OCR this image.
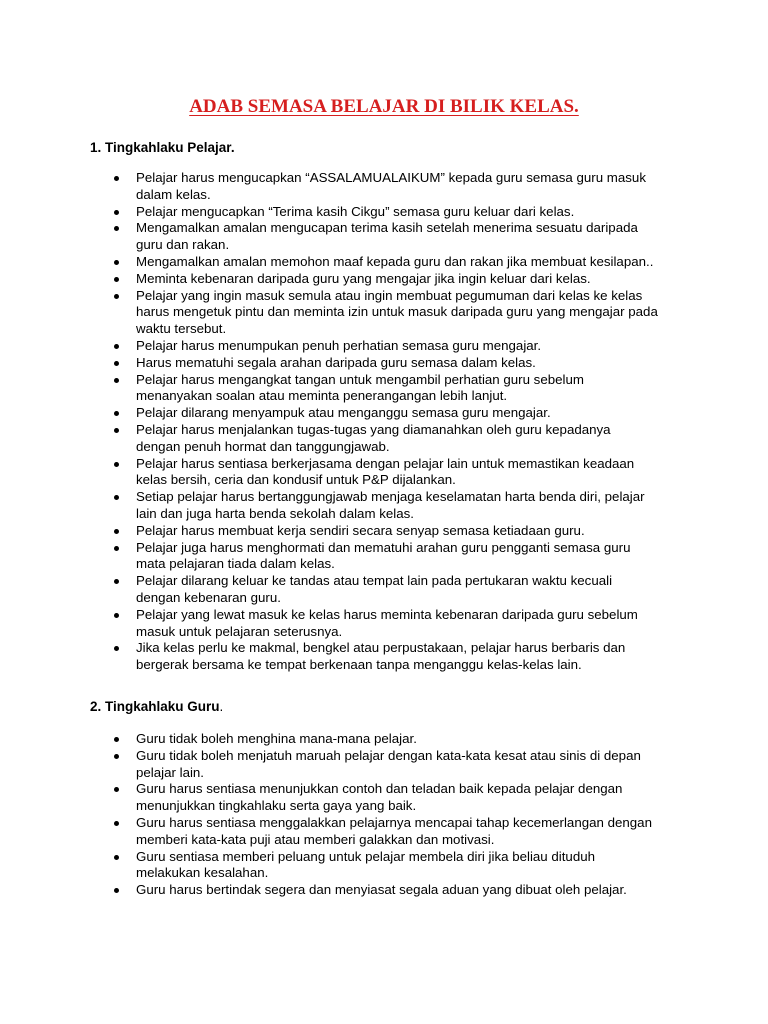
ADAB SEMASA BELAJAR DI BILIK KELAS.

1. Tingkahlaku Pelajar.

Pelajar harus mengucapkan “ASSALAMUALAIKUM” kepada guru semasa guru masuk
dalam kelas.
Pelajar mengucapkan “Terima kasih Cikgu” semasa guru keluar dari kelas.
Mengamalkan amalan mengucapan terima kasih setelah menerima sesuatu daripada
guru dan rakan.
Mengamalkan amalan memohon maaf kepada guru dan rakan jika membuat kesilapan..
Meminta kebenaran daripada guru yang mengajar jika ingin keluar dari kelas.
Pelajar yang ingin masuk semula atau ingin membuat pegumuman dari kelas ke kelas
harus mengetuk pintu dan meminta izin untuk masuk daripada guru yang mengajar pada
waktu tersebut.
Pelajar harus menumpukan penuh perhatian semasa guru mengajar.
Harus mematuhi segala arahan daripada guru semasa dalam kelas.
Pelajar harus mengangkat tangan untuk mengambil perhatian guru sebelum
menanyakan soalan atau meminta penerangangan lebih lanjut.
Pelajar dilarang menyampuk atau menganggu semasa guru mengajar.
Pelajar harus menjalankan tugas-tugas yang diamanahkan oleh guru kepadanya
dengan penuh hormat dan tanggungjawab.
Pelajar harus sentiasa berkerjasama dengan pelajar lain untuk memastikan keadaan
kelas bersih, ceria dan kondusif untuk P&P dijalankan.
Setiap pelajar harus bertanggungjawab menjaga keselamatan harta benda diri, pelajar
lain dan juga harta benda sekolah dalam kelas.
Pelajar harus membuat kerja sendiri secara senyap semasa ketiadaan guru.
Pelajar juga harus menghormati dan mematuhi arahan guru pengganti semasa guru
mata pelajaran tiada dalam kelas.
Pelajar dilarang keluar ke tandas atau tempat lain pada pertukaran waktu kecuali
dengan kebenaran guru.
Pelajar yang lewat masuk ke kelas harus meminta kebenaran daripada guru sebelum
masuk untuk pelajaran seterusnya.
Jika kelas perlu ke makmal, bengkel atau perpustakaan, pelajar harus berbaris dan
bergerak bersama ke tempat berkenaan tanpa menganggu kelas-kelas lain.

2. Tingkahlaku Guru.

Guru tidak boleh menghina mana-mana pelajar.
Guru tidak boleh menjatuh maruah pelajar dengan kata-kata kesat atau sinis di depan
pelajar lain.
Guru harus sentiasa menunjukkan contoh dan teladan baik kepada pelajar dengan
menunjukkan tingkahlaku serta gaya yang baik.
Guru harus sentiasa menggalakkan pelajarnya mencapai tahap kecemerlangan dengan
memberi kata-kata puji atau memberi galakkan dan motivasi.
Guru sentiasa memberi peluang untuk pelajar membela diri jika beliau dituduh
melakukan kesalahan.
Guru harus bertindak segera dan menyiasat segala aduan yang dibuat oleh pelajar.
